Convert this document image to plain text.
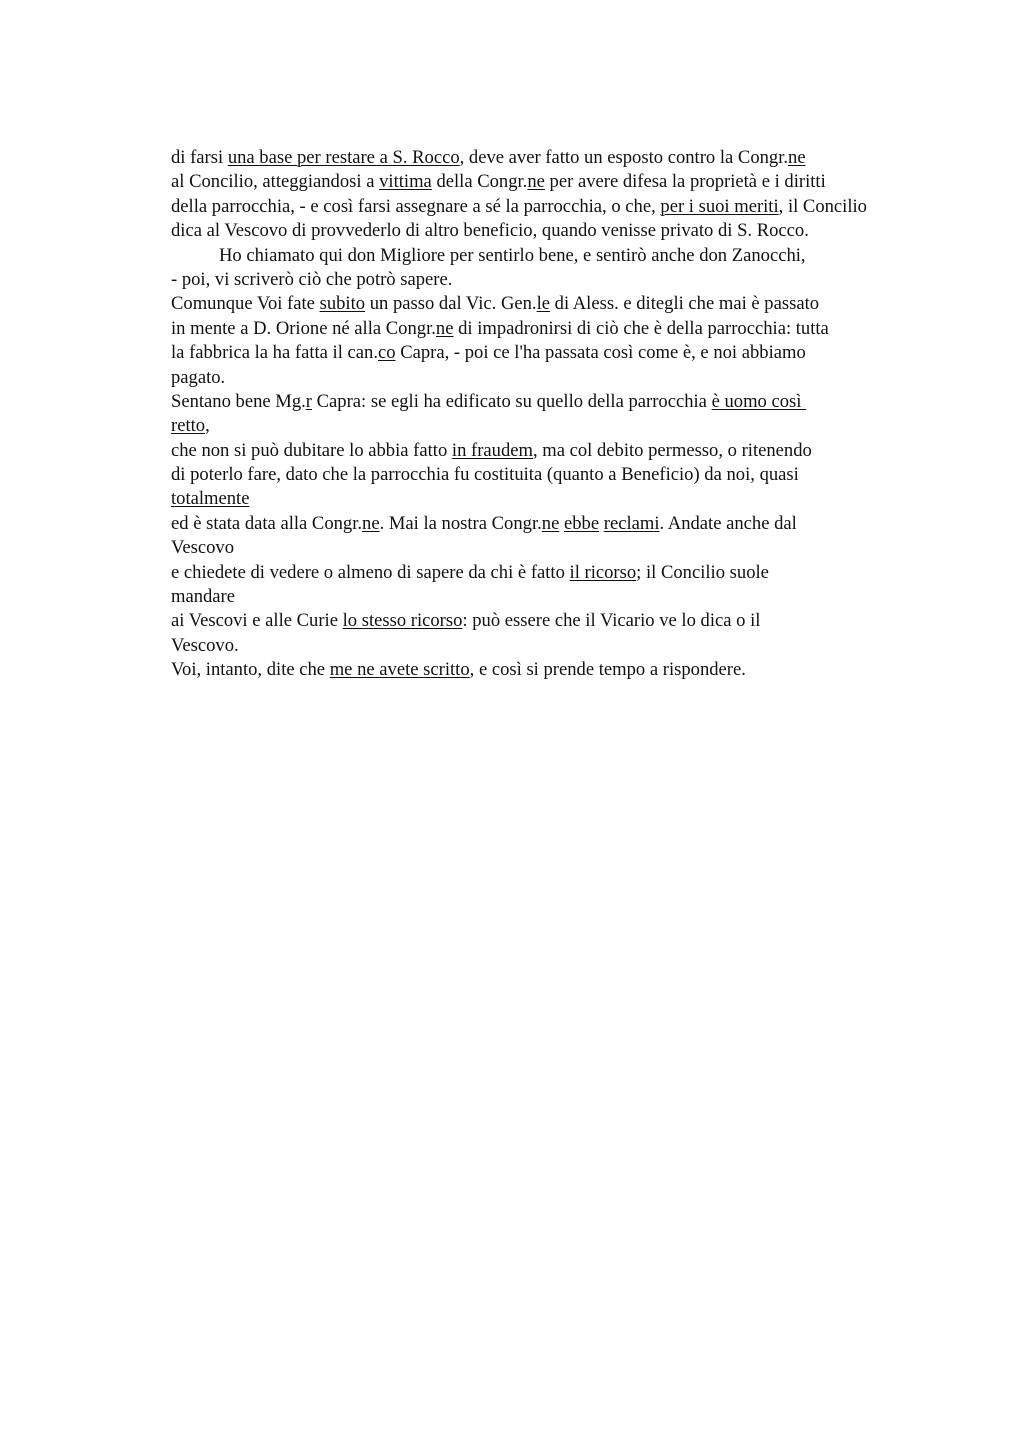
di farsi una base per restare a S. Rocco, deve aver fatto un esposto contro la Congr.ne
al Concilio, atteggiandosi a vittima della Congr.ne per avere difesa la proprietà e i diritti
della parrocchia, - e così farsi assegnare a sé la parrocchia, o che, per i suoi meriti, il Concilio
dica al Vescovo di provvederlo di altro beneficio, quando venisse privato di S. Rocco.
Ho chiamato qui don Migliore per sentirlo bene, e sentirò anche don Zanocchi,
- poi, vi scriverò ciò che potrò sapere.
Comunque Voi fate subito un passo dal Vic. Gen.le di Aless. e ditegli che mai è passato
in mente a D. Orione né alla Congr.ne di impadronirsi di ciò che è della parrocchia: tutta
la fabbrica la ha fatta il can.co Capra, - poi ce l'ha passata così come è, e noi abbiamo
pagato.
Sentano bene Mg.r Capra: se egli ha edificato su quello della parrocchia è uomo così
retto,
che non si può dubitare lo abbia fatto in fraudem, ma col debito permesso, o ritenendo
di poterlo fare, dato che la parrocchia fu costituita (quanto a Beneficio) da noi, quasi
totalmente
ed è stata data alla Congr.ne. Mai la nostra Congr.ne ebbe reclami. Andate anche dal
Vescovo
e chiedete di vedere o almeno di sapere da chi è fatto il ricorso; il Concilio suole
mandare
ai Vescovi e alle Curie lo stesso ricorso: può essere che il Vicario ve lo dica o il
Vescovo.
Voi, intanto, dite che me ne avete scritto, e così si prende tempo a rispondere.
